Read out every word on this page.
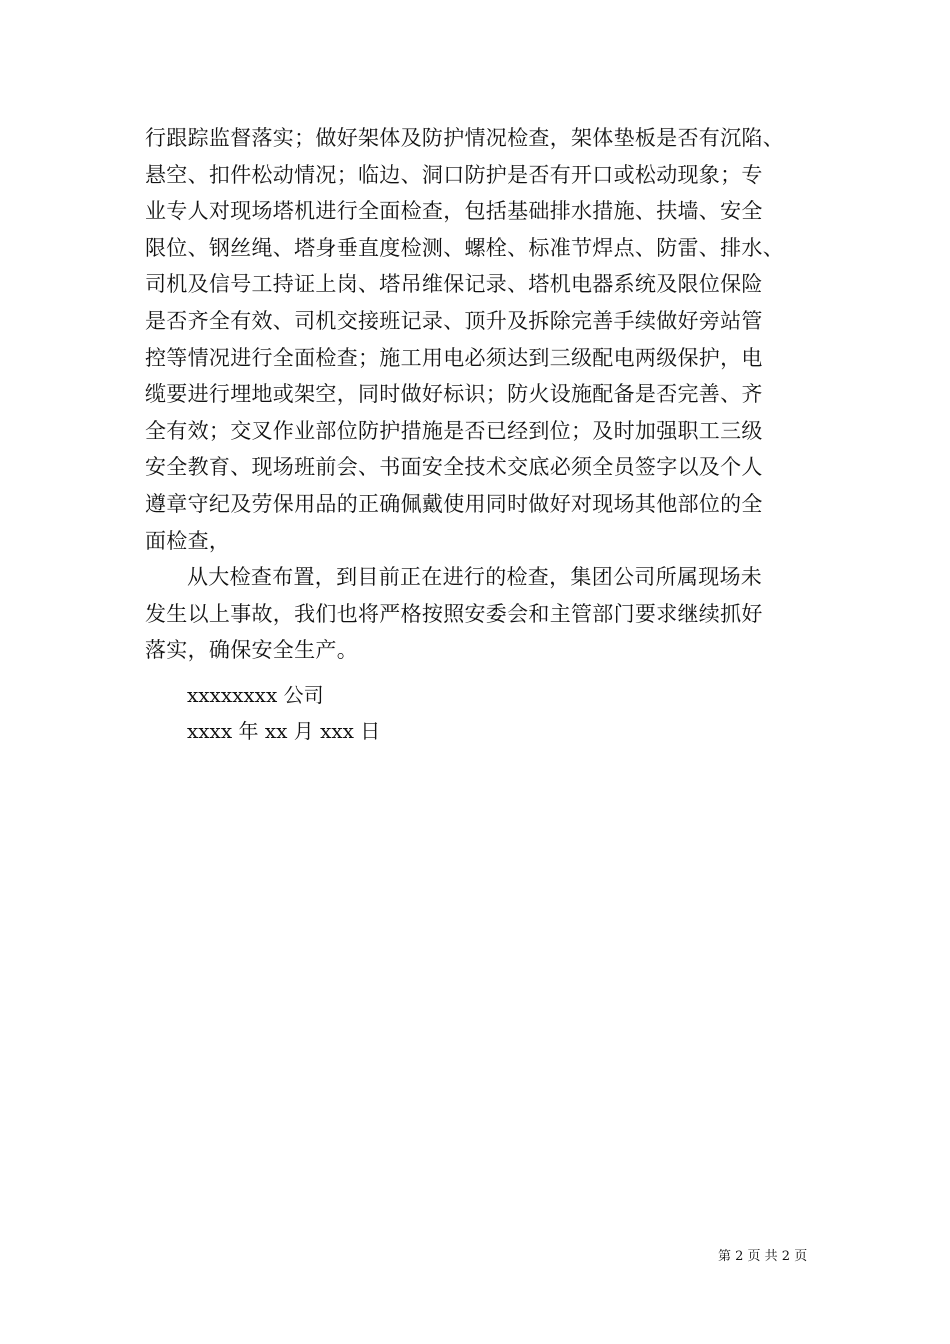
行跟踪监督落实；做好架体及防护情况检查，架体垫板是否有沉陷、
悬空、扣件松动情况；临边、洞口防护是否有开口或松动现象；专
业专人对现场塔机进行全面检查，包括基础排水措施、扶墙、安全
限位、钢丝绳、塔身垂直度检测、螺栓、标准节焊点、防雷、排水、
司机及信号工持证上岗、塔吊维保记录、塔机电器系统及限位保险
是否齐全有效、司机交接班记录、顶升及拆除完善手续做好旁站管
控等情况进行全面检查；施工用电必须达到三级配电两级保护，电
缆要进行埋地或架空，同时做好标识；防火设施配备是否完善、齐
全有效；交叉作业部位防护措施是否已经到位；及时加强职工三级
安全教育、现场班前会、书面安全技术交底必须全员签字以及个人
遵章守纪及劳保用品的正确佩戴使用同时做好对现场其他部位的全
面检查，
从大检查布置，到目前正在进行的检查，集团公司所属现场未
发生以上事故，我们也将严格按照安委会和主管部门要求继续抓好
落实，确保安全生产。
xxxxxxxx 公司
xxxx 年 xx 月 xxx 日
第 2 页 共 2 页
